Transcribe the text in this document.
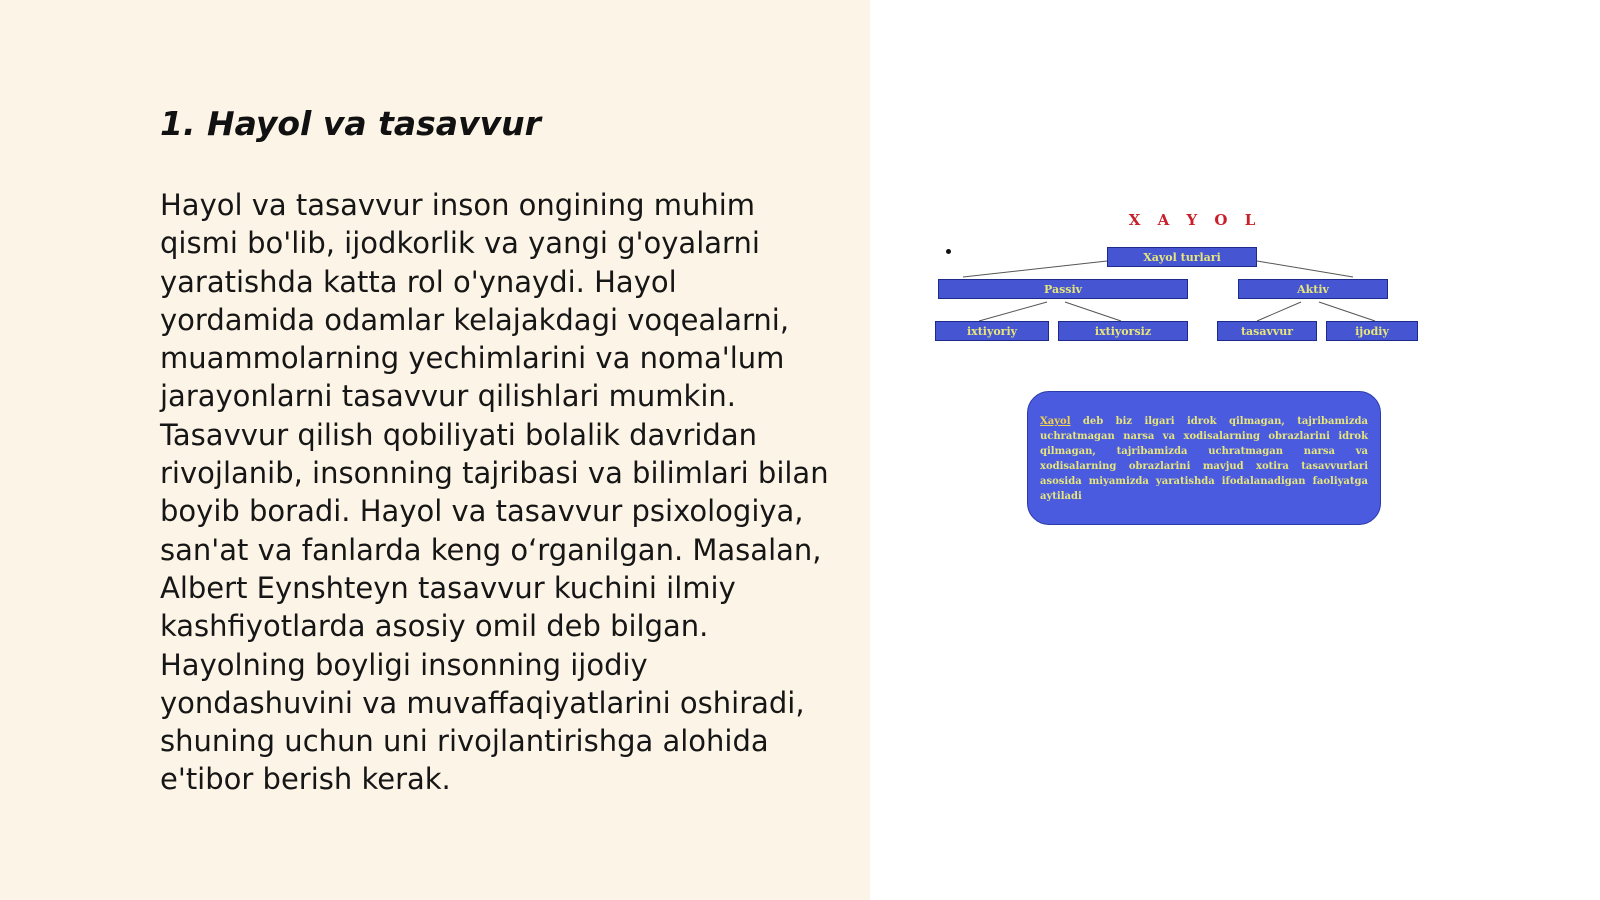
1. Hayol va tasavvur

Hayol va tasavvur inson ongining muhim qismi bo'lib, ijodkorlik va yangi g'oyalarni yaratishda katta rol o'ynaydi. Hayol yordamida odamlar kelajakdagi voqealarni, muammolarning yechimlarini va noma'lum jarayonlarni tasavvur qilishlari mumkin. Tasavvur qilish qobiliyati bolalik davridan rivojlanib, insonning tajribasi va bilimlari bilan boyib boradi. Hayol va tasavvur psixologiya, san'at va fanlarda keng o‘rganilgan. Masalan, Albert Eynshteyn tasavvur kuchini ilmiy kashfiyotlarda asosiy omil deb bilgan. Hayolning boyligi insonning ijodiy yondashuvini va muvaffaqiyatlarini oshiradi, shuning uchun uni rivojlantirishga alohida e'tibor berish kerak.

X A Y O L
Xayol turlari
Passiv	Aktiv
ixtiyoriy	ixtiyorsiz	tasavvur	ijodiy
Xayol deb biz ilgari idrok qilmagan, tajribamizda uchratmagan narsa va xodisalarning obrazlarini idrok qilmagan, tajribamizda uchratmagan narsa va xodisalarning obrazlarini mavjud xotira tasavvurlari asosida miyamizda yaratishda ifodalanadigan faoliyatga aytiladi
